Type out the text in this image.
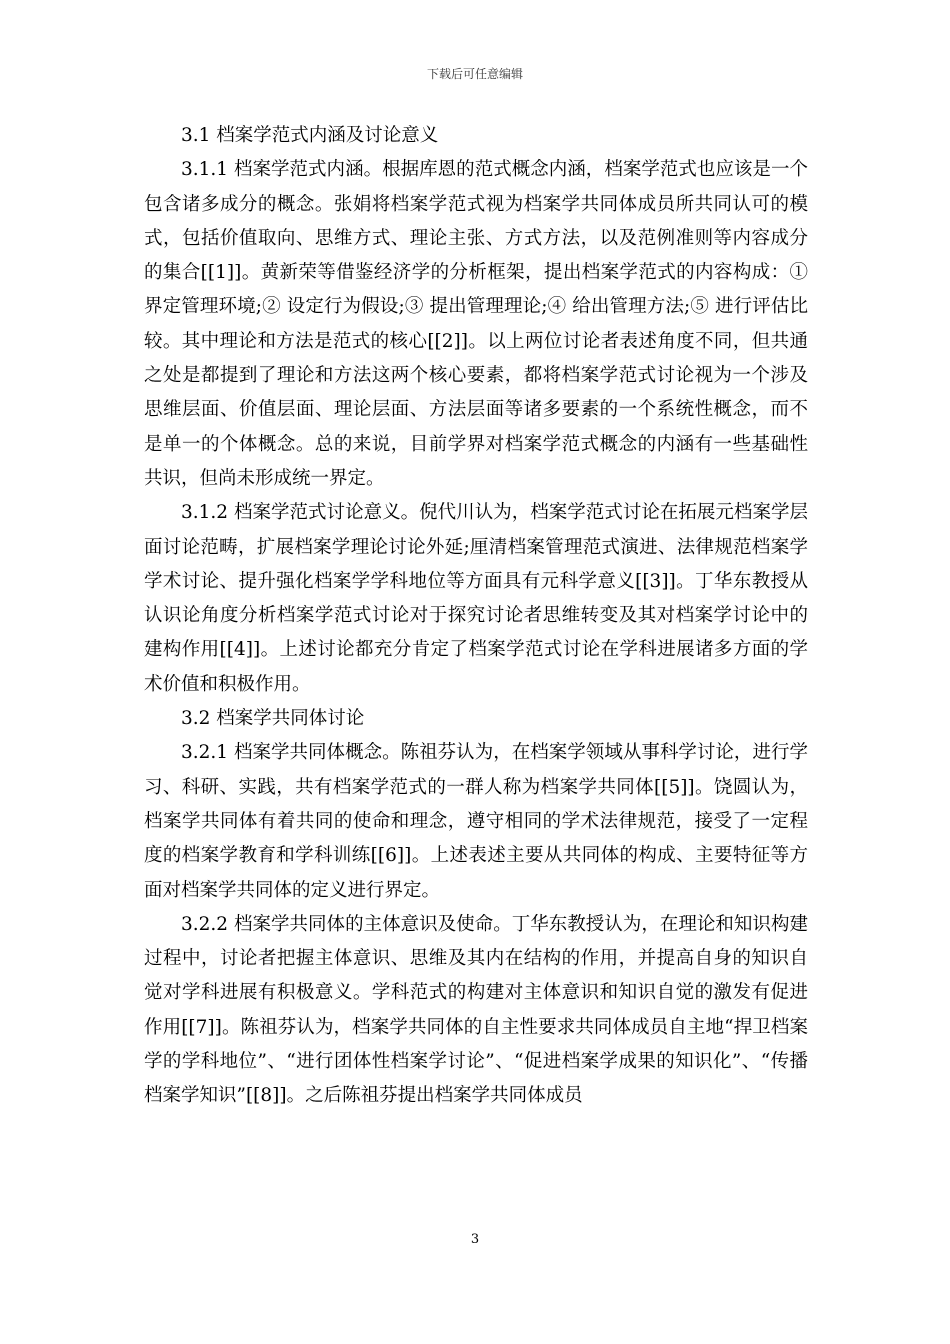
下载后可任意编辑

3.1 档案学范式内涵及讨论意义

3.1.1 档案学范式内涵。根据库恩的范式概念内涵，档案学范式也应该是一个包含诸多成分的概念。张娟将档案学范式视为档案学共同体成员所共同认可的模式，包括价值取向、思维方式、理论主张、方式方法，以及范例准则等内容成分的集合[[1]]。黄新荣等借鉴经济学的分析框架，提出档案学范式的内容构成：①界定管理环境;② 设定行为假设;③ 提出管理理论;④ 给出管理方法;⑤ 进行评估比较。其中理论和方法是范式的核心[[2]]。以上两位讨论者表述角度不同，但共通之处是都提到了理论和方法这两个核心要素，都将档案学范式讨论视为一个涉及思维层面、价值层面、理论层面、方法层面等诸多要素的一个系统性概念，而不是单一的个体概念。总的来说，目前学界对档案学范式概念的内涵有一些基础性共识，但尚未形成统一界定。

3.1.2 档案学范式讨论意义。倪代川认为，档案学范式讨论在拓展元档案学层面讨论范畴，扩展档案学理论讨论外延;厘清档案管理范式演进、法律规范档案学学术讨论、提升强化档案学学科地位等方面具有元科学意义[[3]]。丁华东教授从认识论角度分析档案学范式讨论对于探究讨论者思维转变及其对档案学讨论中的建构作用[[4]]。上述讨论都充分肯定了档案学范式讨论在学科进展诸多方面的学术价值和积极作用。

3.2 档案学共同体讨论

3.2.1 档案学共同体概念。陈祖芬认为，在档案学领域从事科学讨论，进行学习、科研、实践，共有档案学范式的一群人称为档案学共同体[[5]]。饶圆认为，档案学共同体有着共同的使命和理念，遵守相同的学术法律规范，接受了一定程度的档案学教育和学科训练[[6]]。上述表述主要从共同体的构成、主要特征等方面对档案学共同体的定义进行界定。

3.2.2 档案学共同体的主体意识及使命。丁华东教授认为，在理论和知识构建过程中，讨论者把握主体意识、思维及其内在结构的作用，并提高自身的知识自觉对学科进展有积极意义。学科范式的构建对主体意识和知识自觉的激发有促进作用[[7]]。陈祖芬认为，档案学共同体的自主性要求共同体成员自主地“捍卫档案学的学科地位”、“进行团体性档案学讨论”、“促进档案学成果的知识化”、“传播档案学知识”[[8]]。之后陈祖芬提出档案学共同体成员

3
